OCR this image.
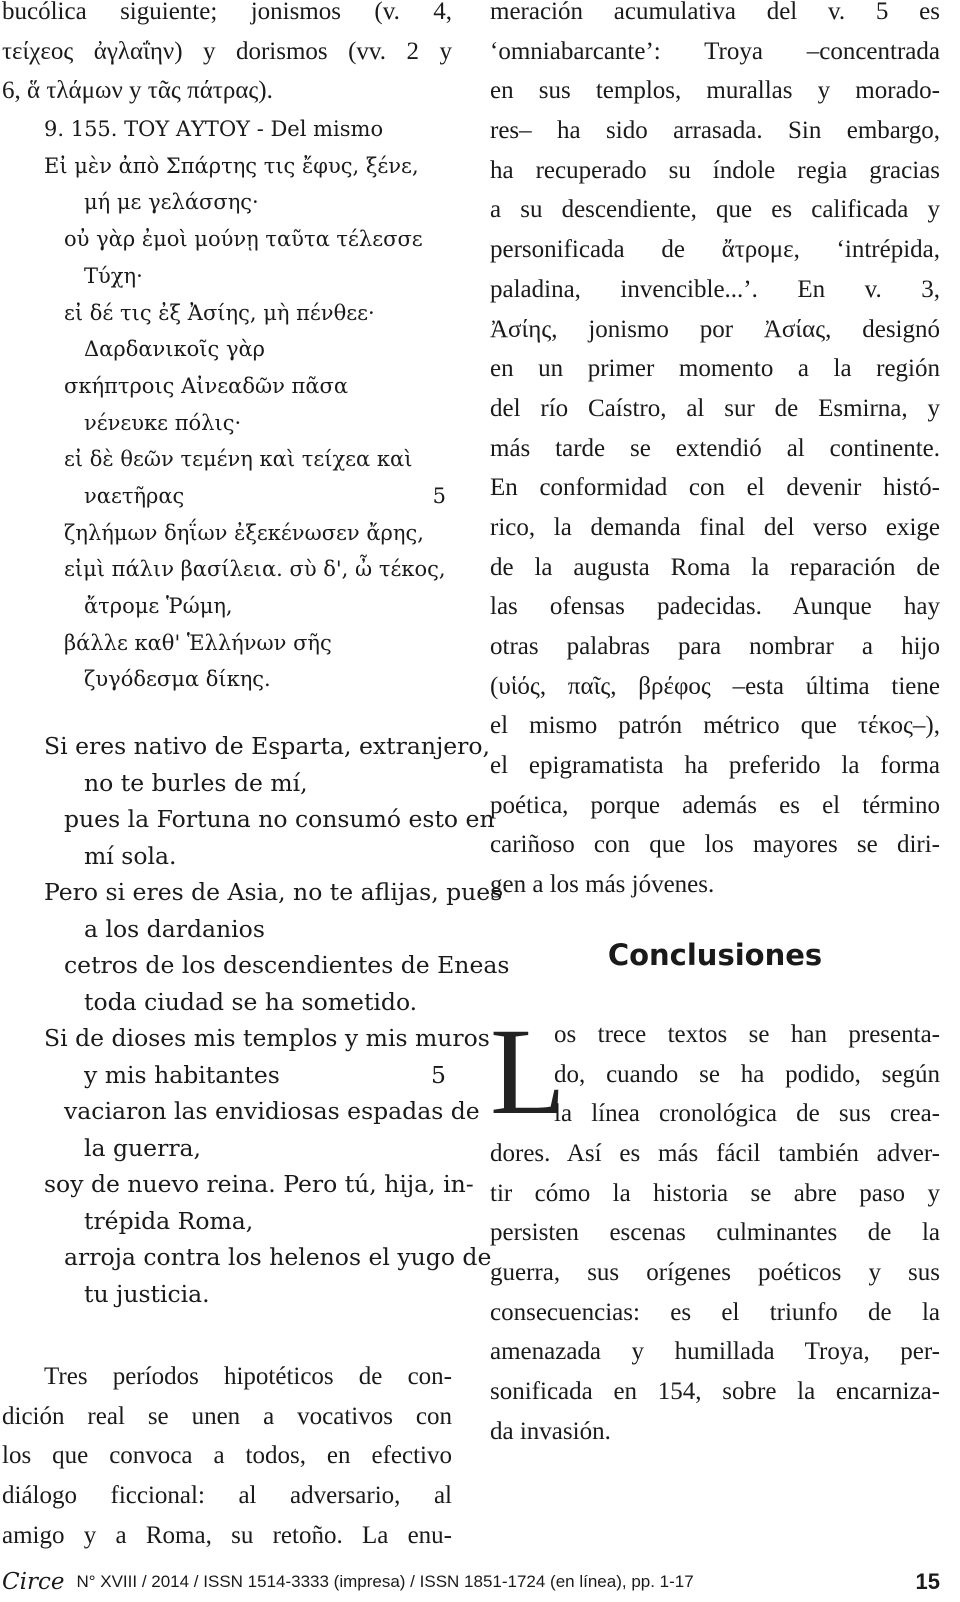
bucólica siguiente; jonismos (v. 4,
τείχεος ἀγλαΐην) y dorismos (vv. 2 y
6, ἅ τλάμων y τᾶς πάτρας).
9. 155. ΤΟΥ ΑΥΤΟΥ - Del mismo
Εἰ μὲν ἀπὸ Σπάρτης τις ἔφυς, ξένε,
μή με γελάσσης·
οὐ γὰρ ἐμοὶ μούνῃ ταῦτα τέλεσσε
Τύχη·
εἰ δέ τις ἐξ Ἀσίης, μὴ πένθεε·
Δαρδανικοῖς γὰρ
σκήπτροις Αἰνεαδῶν πᾶσα
νένευκε πόλις·
εἰ δὲ θεῶν τεμένη καὶ τείχεα καὶ
ναετῆρας	5
ζηλήμων δηΐων ἐξεκένωσεν ἄρης,
εἰμὶ πάλιν βασίλεια. σὺ δ', ὦ τέκος,
ἄτρομε Ῥώμη,
βάλλε καθ' Ἑλλήνων σῆς
ζυγόδεσμα δίκης.
Si eres nativo de Esparta, extranjero,
no te burles de mí,
pues la Fortuna no consumó esto en
mí sola.
Pero si eres de Asia, no te aflijas, pues
a los dardanios
cetros de los descendientes de Eneas
toda ciudad se ha sometido.
Si de dioses mis templos y mis muros
y mis habitantes	5
vaciaron las envidiosas espadas de
la guerra,
soy de nuevo reina. Pero tú, hija, in-
trépida Roma,
arroja contra los helenos el yugo de
tu justicia.
Tres períodos hipotéticos de con-
dición real se unen a vocativos con
los que convoca a todos, en efectivo
diálogo ficcional: al adversario, al
amigo y a Roma, su retoño. La enu-
meración acumulativa del v. 5 es
‘omniabarcante’: Troya –concentrada
en sus templos, murallas y morado-
res– ha sido arrasada. Sin embargo,
ha recuperado su índole regia gracias
a su descendiente, que es calificada y
personificada de ἄτρομε, ‘intrépida,
paladina, invencible...’. En v. 3,
Ἀσίης, jonismo por Ἀσίας, designó
en un primer momento a la región
del río Caístro, al sur de Esmirna, y
más tarde se extendió al continente.
En conformidad con el devenir histó-
rico, la demanda final del verso exige
de la augusta Roma la reparación de
las ofensas padecidas. Aunque hay
otras palabras para nombrar a hijo
(υἱός, παῖς, βρέφος –esta última tiene
el mismo patrón métrico que τέκος–),
el epigramatista ha preferido la forma
poética, porque además es el término
cariñoso con que los mayores se diri-
gen a los más jóvenes.
Conclusiones
L
os trece textos se han presenta-
do, cuando se ha podido, según
la línea cronológica de sus crea-
dores. Así es más fácil también adver-
tir cómo la historia se abre paso y
persisten escenas culminantes de la
guerra, sus orígenes poéticos y sus
consecuencias: es el triunfo de la
amenazada y humillada Troya, per-
sonificada en 154, sobre la encarniza-
da invasión.
Circe N° XVIII / 2014 / ISSN 1514-3333 (impresa) / ISSN 1851-1724 (en línea), pp. 1-17	15
